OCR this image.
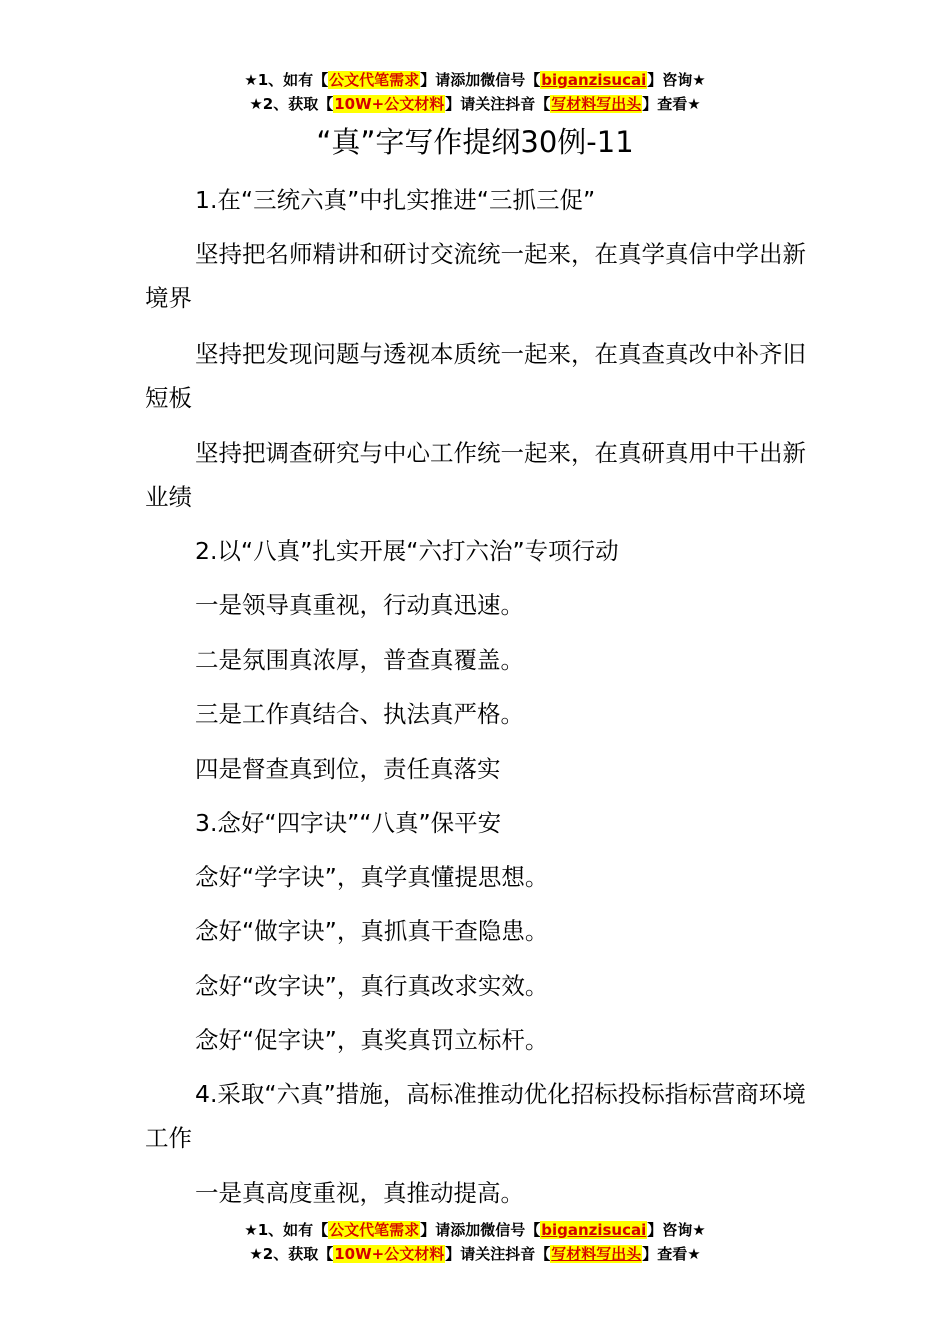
★1、如有【公文代笔需求】请添加微信号【biganzisucai】咨询★
★2、获取【10W+公文材料】请关注抖音【写材料写出头】查看★
“真”字写作提纲30例-11
1.在“三统六真”中扎实推进“三抓三促”
坚持把名师精讲和研讨交流统一起来，在真学真信中学出新境界
坚持把发现问题与透视本质统一起来，在真查真改中补齐旧短板
坚持把调查研究与中心工作统一起来，在真研真用中干出新业绩
2.以“八真”扎实开展“六打六治”专项行动
一是领导真重视，行动真迅速。
二是氛围真浓厚，普查真覆盖。
三是工作真结合、执法真严格。
四是督查真到位，责任真落实
3.念好“四字诀”“八真”保平安
念好“学字诀”，真学真懂提思想。
念好“做字诀”，真抓真干查隐患。
念好“改字诀”，真行真改求实效。
念好“促字诀”，真奖真罚立标杆。
4.采取“六真”措施，高标准推动优化招标投标指标营商环境工作
一是真高度重视，真推动提高。
★1、如有【公文代笔需求】请添加微信号【biganzisucai】咨询★
★2、获取【10W+公文材料】请关注抖音【写材料写出头】查看★
